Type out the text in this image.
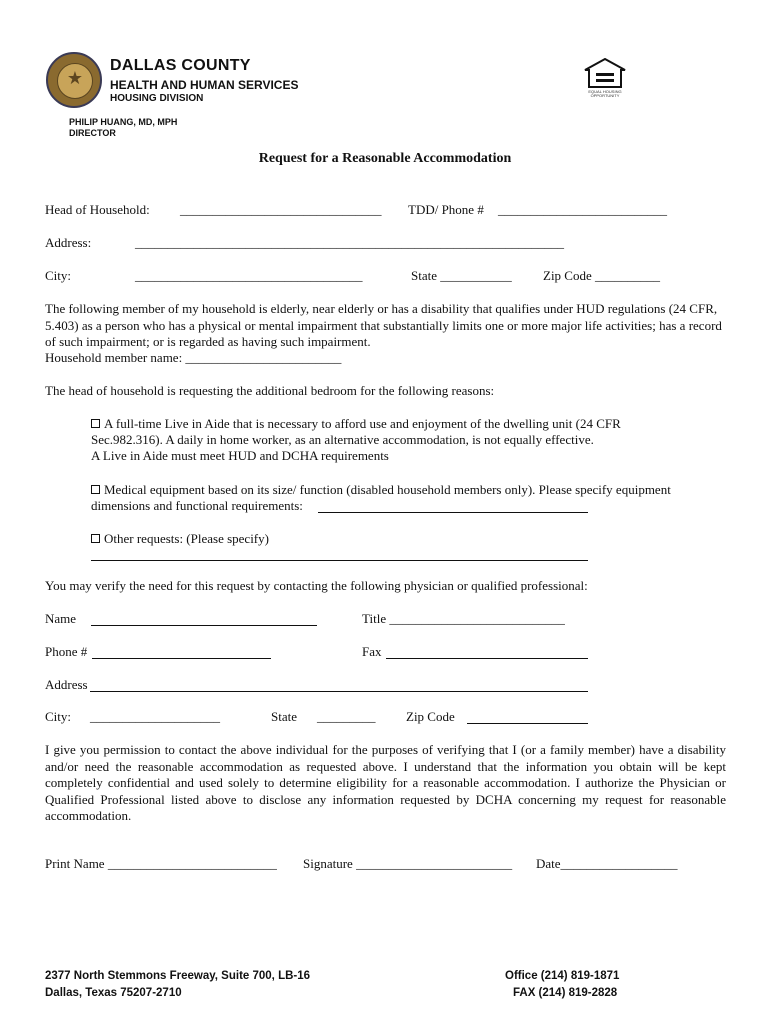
★
DALLAS COUNTY
HEALTH AND HUMAN SERVICES
HOUSING DIVISION
PHILIP HUANG, MD, MPH
DIRECTOR
EQUAL HOUSING OPPORTUNITY
Request for a Reasonable Accommodation
Head of Household: _______________________________ TDD/ Phone # __________________________
Address:	__________________________________________________________________
City:	___________________________________	State ___________ Zip Code __________
The following member of my household is elderly, near elderly or has a disability that qualifies under HUD regulations (24 CFR, 5.403) as a person who has a physical or mental impairment that substantially limits one or more major life activities; has a record of such impairment; or is regarded as having such impairment.
Household member name: ________________________
The head of household is requesting the additional bedroom for the following reasons:
A full-time Live in Aide that is necessary to afford use and enjoyment of the dwelling unit (24 CFR
Sec.982.316). A daily in home worker, as an alternative accommodation, is not equally effective.
A Live in Aide must meet HUD and DCHA requirements
Medical equipment based on its size/ function (disabled household members only). Please specify equipment
dimensions and functional requirements:
Other requests: (Please specify)
You may verify the need for this request by contacting the following physician or qualified professional:
Name	Title ___________________________
Phone #	Fax
Address
City: ____________________	State _________ Zip Code
I give you permission to contact the above individual for the purposes of verifying that I (or a family member) have a disability and/or need the reasonable accommodation as requested above. I understand that the information you obtain will be kept completely confidential and used solely to determine eligibility for a reasonable accommodation. I authorize the Physician or Qualified Professional listed above to disclose any information requested by DCHA concerning my request for reasonable accommodation.
Print Name __________________________ Signature ________________________ Date__________________
2377 North Stemmons Freeway, Suite 700, LB-16
Dallas, Texas 75207-2710
Office (214) 819-1871
FAX (214) 819-2828
